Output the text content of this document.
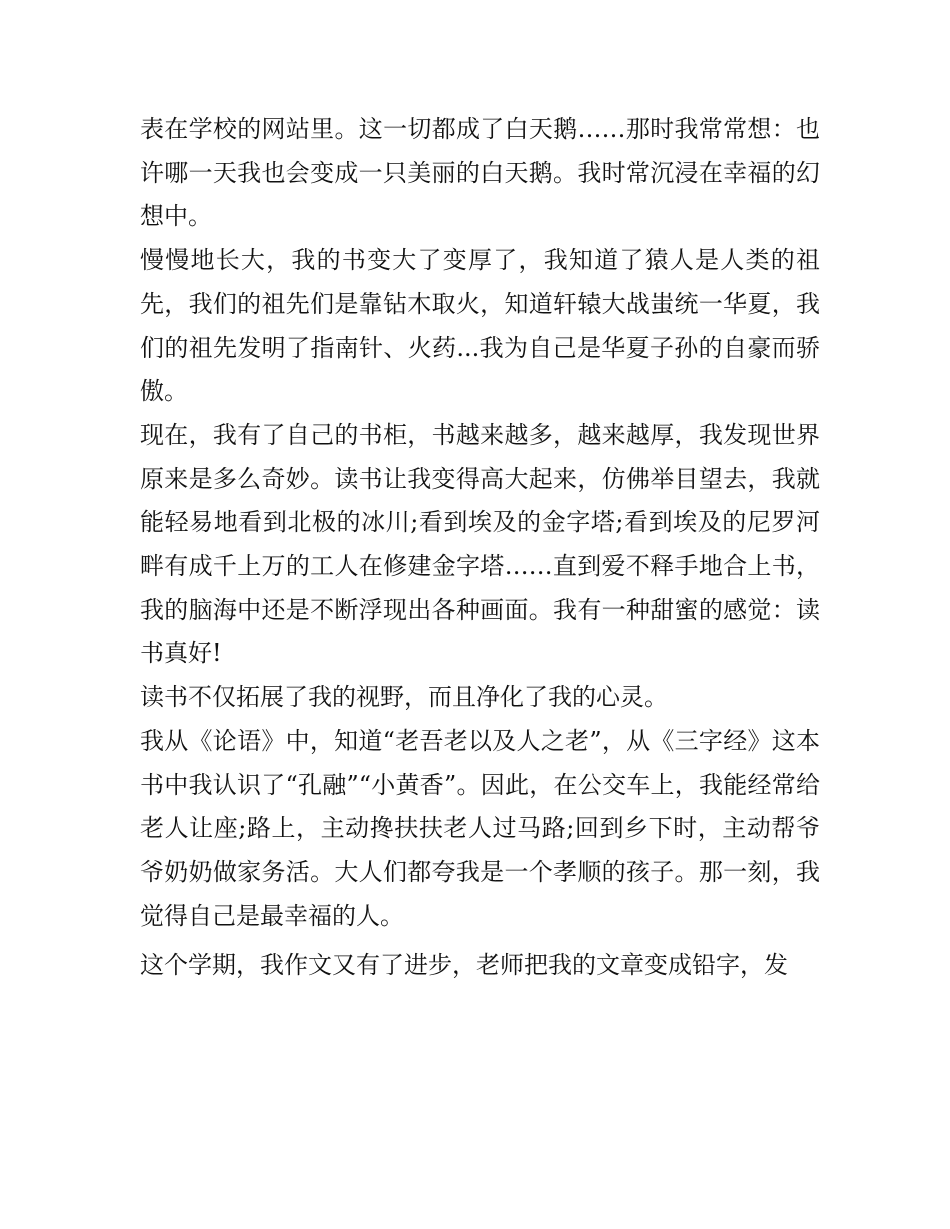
表在学校的网站里。这一切都成了白天鹅……那时我常常想：也许哪一天我也会变成一只美丽的白天鹅。我时常沉浸在幸福的幻想中。

慢慢地长大，我的书变大了变厚了，我知道了猿人是人类的祖先，我们的祖先们是靠钻木取火，知道轩辕大战蚩统一华夏，我们的祖先发明了指南针、火药...我为自己是华夏子孙的自豪而骄傲。

现在，我有了自己的书柜，书越来越多，越来越厚，我发现世界原来是多么奇妙。读书让我变得高大起来，仿佛举目望去，我就能轻易地看到北极的冰川;看到埃及的金字塔;看到埃及的尼罗河畔有成千上万的工人在修建金字塔……直到爱不释手地合上书，我的脑海中还是不断浮现出各种画面。我有一种甜蜜的感觉：读书真好!

读书不仅拓展了我的视野，而且净化了我的心灵。

我从《论语》中，知道“老吾老以及人之老”，从《三字经》这本书中我认识了“孔融”“小黄香”。因此，在公交车上，我能经常给老人让座;路上，主动搀扶扶老人过马路;回到乡下时，主动帮爷爷奶奶做家务活。大人们都夸我是一个孝顺的孩子。那一刻，我觉得自己是最幸福的人。

这个学期，我作文又有了进步，老师把我的文章变成铅字，发
